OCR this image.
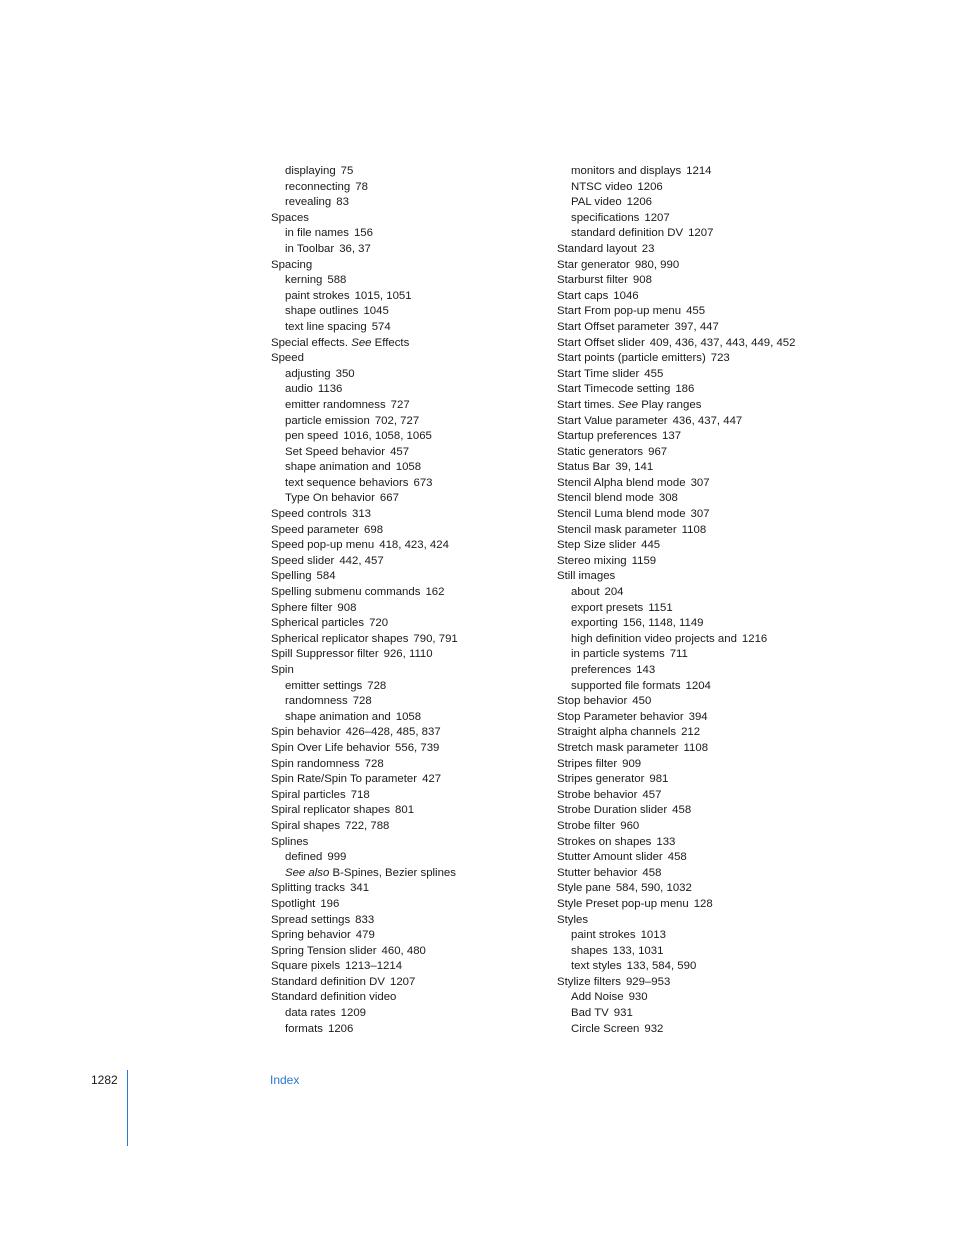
displaying 75
reconnecting 78
revealing 83
Spaces
in file names 156
in Toolbar 36, 37
Spacing
kerning 588
paint strokes 1015, 1051
shape outlines 1045
text line spacing 574
Special effects. See Effects
Speed
adjusting 350
audio 1136
emitter randomness 727
particle emission 702, 727
pen speed 1016, 1058, 1065
Set Speed behavior 457
shape animation and 1058
text sequence behaviors 673
Type On behavior 667
Speed controls 313
Speed parameter 698
Speed pop-up menu 418, 423, 424
Speed slider 442, 457
Spelling 584
Spelling submenu commands 162
Sphere filter 908
Spherical particles 720
Spherical replicator shapes 790, 791
Spill Suppressor filter 926, 1110
Spin
emitter settings 728
randomness 728
shape animation and 1058
Spin behavior 426–428, 485, 837
Spin Over Life behavior 556, 739
Spin randomness 728
Spin Rate/Spin To parameter 427
Spiral particles 718
Spiral replicator shapes 801
Spiral shapes 722, 788
Splines
defined 999
See also B-Spines, Bezier splines
Splitting tracks 341
Spotlight 196
Spread settings 833
Spring behavior 479
Spring Tension slider 460, 480
Square pixels 1213–1214
Standard definition DV 1207
Standard definition video
data rates 1209
formats 1206
monitors and displays 1214
NTSC video 1206
PAL video 1206
specifications 1207
standard definition DV 1207
Standard layout 23
Star generator 980, 990
Starburst filter 908
Start caps 1046
Start From pop-up menu 455
Start Offset parameter 397, 447
Start Offset slider 409, 436, 437, 443, 449, 452
Start points (particle emitters) 723
Start Time slider 455
Start Timecode setting 186
Start times. See Play ranges
Start Value parameter 436, 437, 447
Startup preferences 137
Static generators 967
Status Bar 39, 141
Stencil Alpha blend mode 307
Stencil blend mode 308
Stencil Luma blend mode 307
Stencil mask parameter 1108
Step Size slider 445
Stereo mixing 1159
Still images
about 204
export presets 1151
exporting 156, 1148, 1149
high definition video projects and 1216
in particle systems 711
preferences 143
supported file formats 1204
Stop behavior 450
Stop Parameter behavior 394
Straight alpha channels 212
Stretch mask parameter 1108
Stripes filter 909
Stripes generator 981
Strobe behavior 457
Strobe Duration slider 458
Strobe filter 960
Strokes on shapes 133
Stutter Amount slider 458
Stutter behavior 458
Style pane 584, 590, 1032
Style Preset pop-up menu 128
Styles
paint strokes 1013
shapes 133, 1031
text styles 133, 584, 590
Stylize filters 929–953
Add Noise 930
Bad TV 931
Circle Screen 932
1282	Index
